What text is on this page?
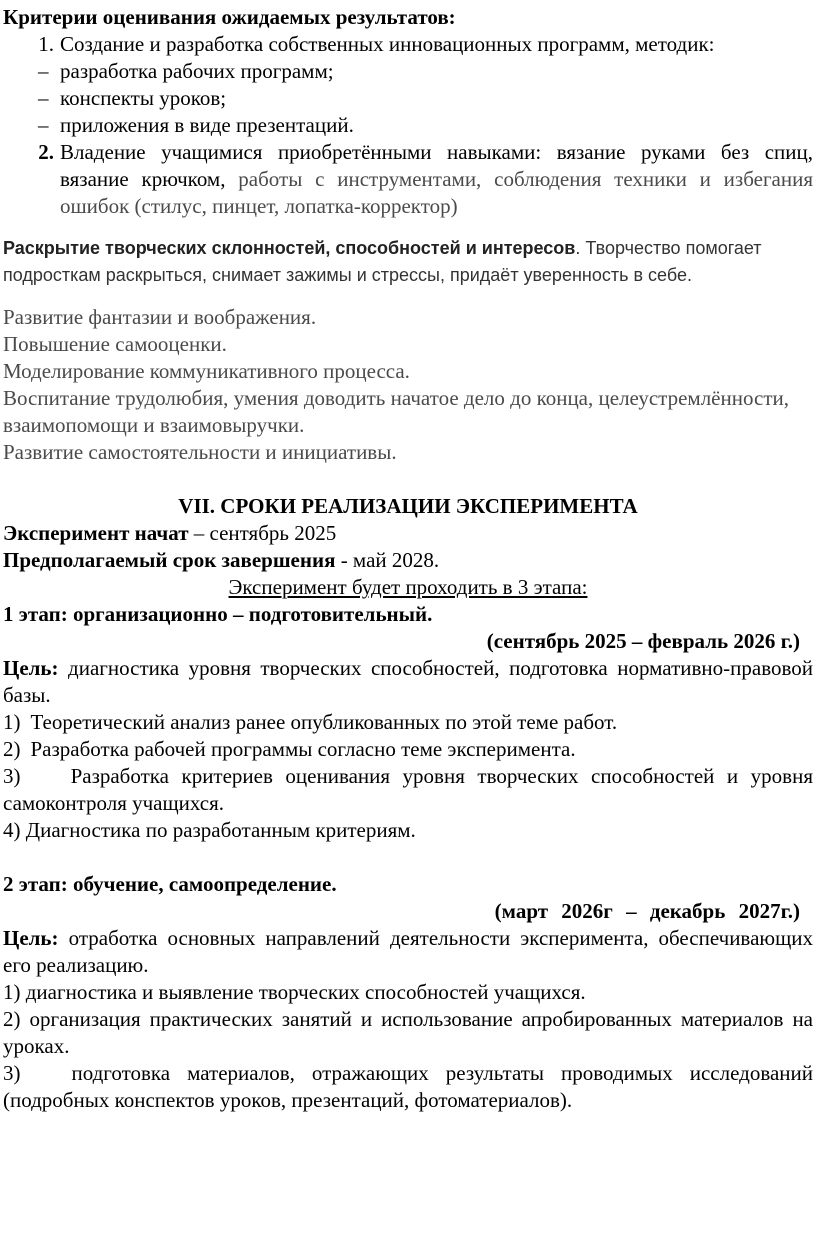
Критерии оценивания ожидаемых результатов:

1. Создание и разработка собственных инновационных программ, методик:
– разработка рабочих программ;
– конспекты уроков;
– приложения в виде презентаций.
2. Владение учащимися приобретёнными навыками: вязание руками без спиц, вязание крючком, работы с инструментами, соблюдения техники и избегания ошибок (стилус, пинцет, лопатка-корректор)

Раскрытие творческих склонностей, способностей и интересов. Творчество помогает подросткам раскрыться, снимает зажимы и стрессы, придаёт уверенность в себе.

Развитие фантазии и воображения.

Повышение самооценки.

Моделирование коммуникативного процесса.

Воспитание трудолюбия, умения доводить начатое дело до конца, целеустремлённости, взаимопомощи и взаимовыручки.

Развитие самостоятельности и инициативы.

VII. СРОКИ РЕАЛИЗАЦИИ ЭКСПЕРИМЕНТА

Эксперимент начат – сентябрь 2025

Предполагаемый срок завершения - май 2028.

Эксперимент будет проходить в 3 этапа:

1 этап: организационно – подготовительный.

(сентябрь 2025 – февраль 2026 г.)

Цель: диагностика уровня творческих способностей, подготовка нормативно-правовой базы.

1) Теоретический анализ ранее опубликованных по этой теме работ.
2) Разработка рабочей программы согласно теме эксперимента.

3) Разработка критериев оценивания уровня творческих способностей и уровня самоконтроля учащихся.

4) Диагностика по разработанным критериям.

2 этап: обучение, самоопределение.

(март 2026г – декабрь 2027г.)

Цель: отработка основных направлений деятельности эксперимента, обеспечивающих его реализацию.

1) диагностика и выявление творческих способностей учащихся.

2) организация практических занятий и использование апробированных материалов на уроках.

3) подготовка материалов, отражающих результаты проводимых исследований (подробных конспектов уроков, презентаций, фотоматериалов).
